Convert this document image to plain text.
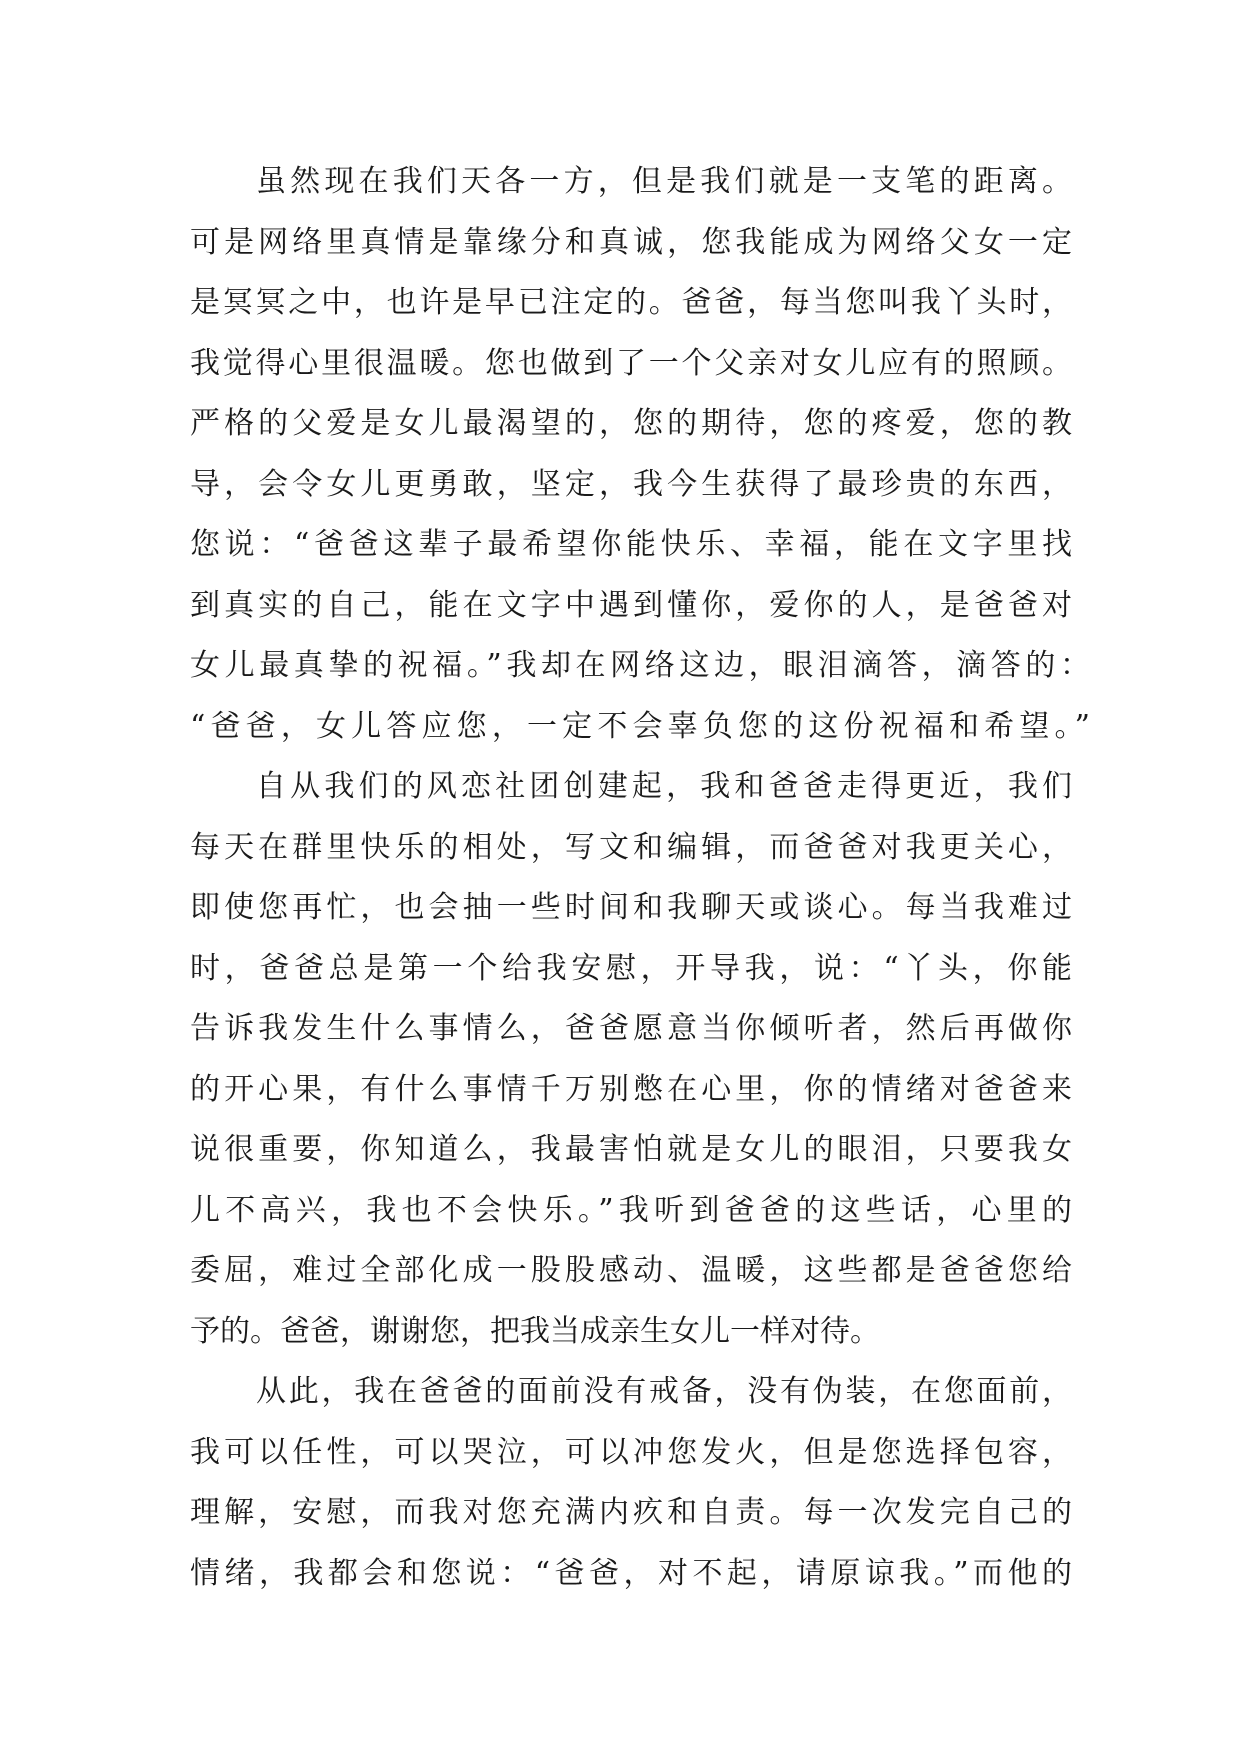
虽然现在我们天各一方，但是我们就是一支笔的距离。
可是网络里真情是靠缘分和真诚，您我能成为网络父女一定
是冥冥之中，也许是早已注定的。爸爸，每当您叫我丫头时，
我觉得心里很温暖。您也做到了一个父亲对女儿应有的照顾。
严格的父爱是女儿最渴望的，您的期待，您的疼爱，您的教
导，会令女儿更勇敢，坚定，我今生获得了最珍贵的东西，
您说：“爸爸这辈子最希望你能快乐、幸福，能在文字里找
到真实的自己，能在文字中遇到懂你，爱你的人，是爸爸对
女儿最真挚的祝福。”我却在网络这边，眼泪滴答，滴答的：
“爸爸，女儿答应您，一定不会辜负您的这份祝福和希望。”
自从我们的风恋社团创建起，我和爸爸走得更近，我们
每天在群里快乐的相处，写文和编辑，而爸爸对我更关心，
即使您再忙，也会抽一些时间和我聊天或谈心。每当我难过
时，爸爸总是第一个给我安慰，开导我，说：“丫头，你能
告诉我发生什么事情么，爸爸愿意当你倾听者，然后再做你
的开心果，有什么事情千万别憋在心里，你的情绪对爸爸来
说很重要，你知道么，我最害怕就是女儿的眼泪，只要我女
儿不高兴，我也不会快乐。”我听到爸爸的这些话，心里的
委屈，难过全部化成一股股感动、温暖，这些都是爸爸您给
予的。爸爸，谢谢您，把我当成亲生女儿一样对待。
从此，我在爸爸的面前没有戒备，没有伪装，在您面前，
我可以任性，可以哭泣，可以冲您发火，但是您选择包容，
理解，安慰，而我对您充满内疚和自责。每一次发完自己的
情绪，我都会和您说：“爸爸，对不起，请原谅我。”而他的
